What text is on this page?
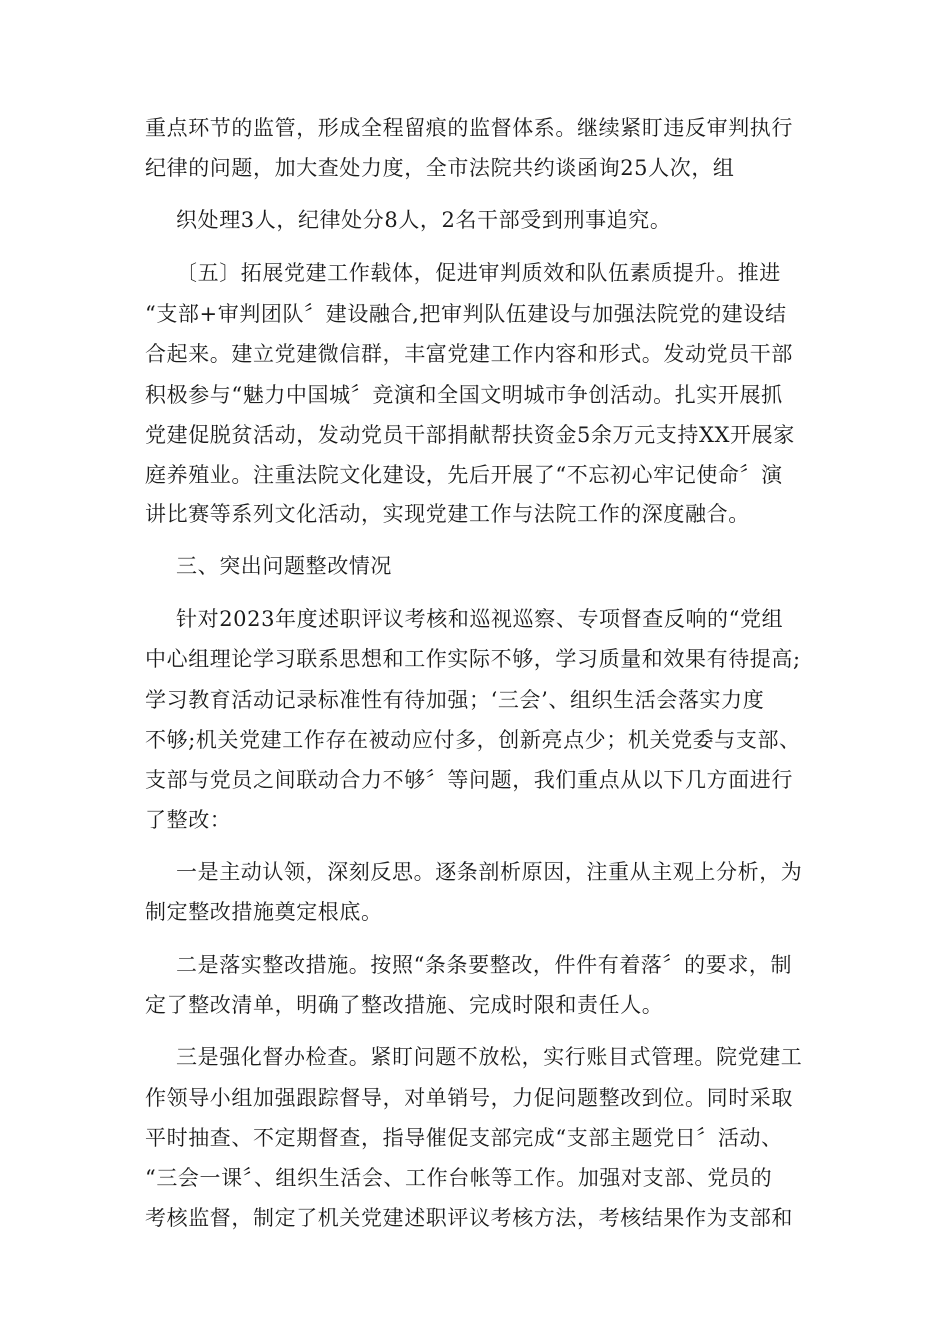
重点环节的监管，形成全程留痕的监督体系。继续紧盯违反审判执行
纪律的问题，加大查处力度，全市法院共约谈函询25人次，组
织处理3人，纪律处分8人，2名干部受到刑事追究。
〔五〕拓展党建工作载体，促进审判质效和队伍素质提升。推进
“支部+审判团队〞建设融合,把审判队伍建设与加强法院党的建设结
合起来。建立党建微信群，丰富党建工作内容和形式。发动党员干部
积极参与“魅力中国城〞竞演和全国文明城市争创活动。扎实开展抓
党建促脱贫活动，发动党员干部捐献帮扶资金5余万元支持XX开展家
庭养殖业。注重法院文化建设，先后开展了“不忘初心牢记使命〞演
讲比赛等系列文化活动，实现党建工作与法院工作的深度融合。
三、突出问题整改情况
针对2023年度述职评议考核和巡视巡察、专项督查反响的“党组
中心组理论学习联系思想和工作实际不够，学习质量和效果有待提高;
学习教育活动记录标准性有待加强；‘三会’、组织生活会落实力度
不够;机关党建工作存在被动应付多，创新亮点少；机关党委与支部、
支部与党员之间联动合力不够〞等问题，我们重点从以下几方面进行
了整改：
一是主动认领，深刻反思。逐条剖析原因，注重从主观上分析，为
制定整改措施奠定根底。
二是落实整改措施。按照“条条要整改，件件有着落〞的要求，制
定了整改清单，明确了整改措施、完成时限和责任人。
三是强化督办检查。紧盯问题不放松，实行账目式管理。院党建工
作领导小组加强跟踪督导，对单销号，力促问题整改到位。同时采取
平时抽查、不定期督查，指导催促支部完成“支部主题党日〞活动、
“三会一课〞、组织生活会、工作台帐等工作。加强对支部、党员的
考核监督，制定了机关党建述职评议考核方法，考核结果作为支部和
